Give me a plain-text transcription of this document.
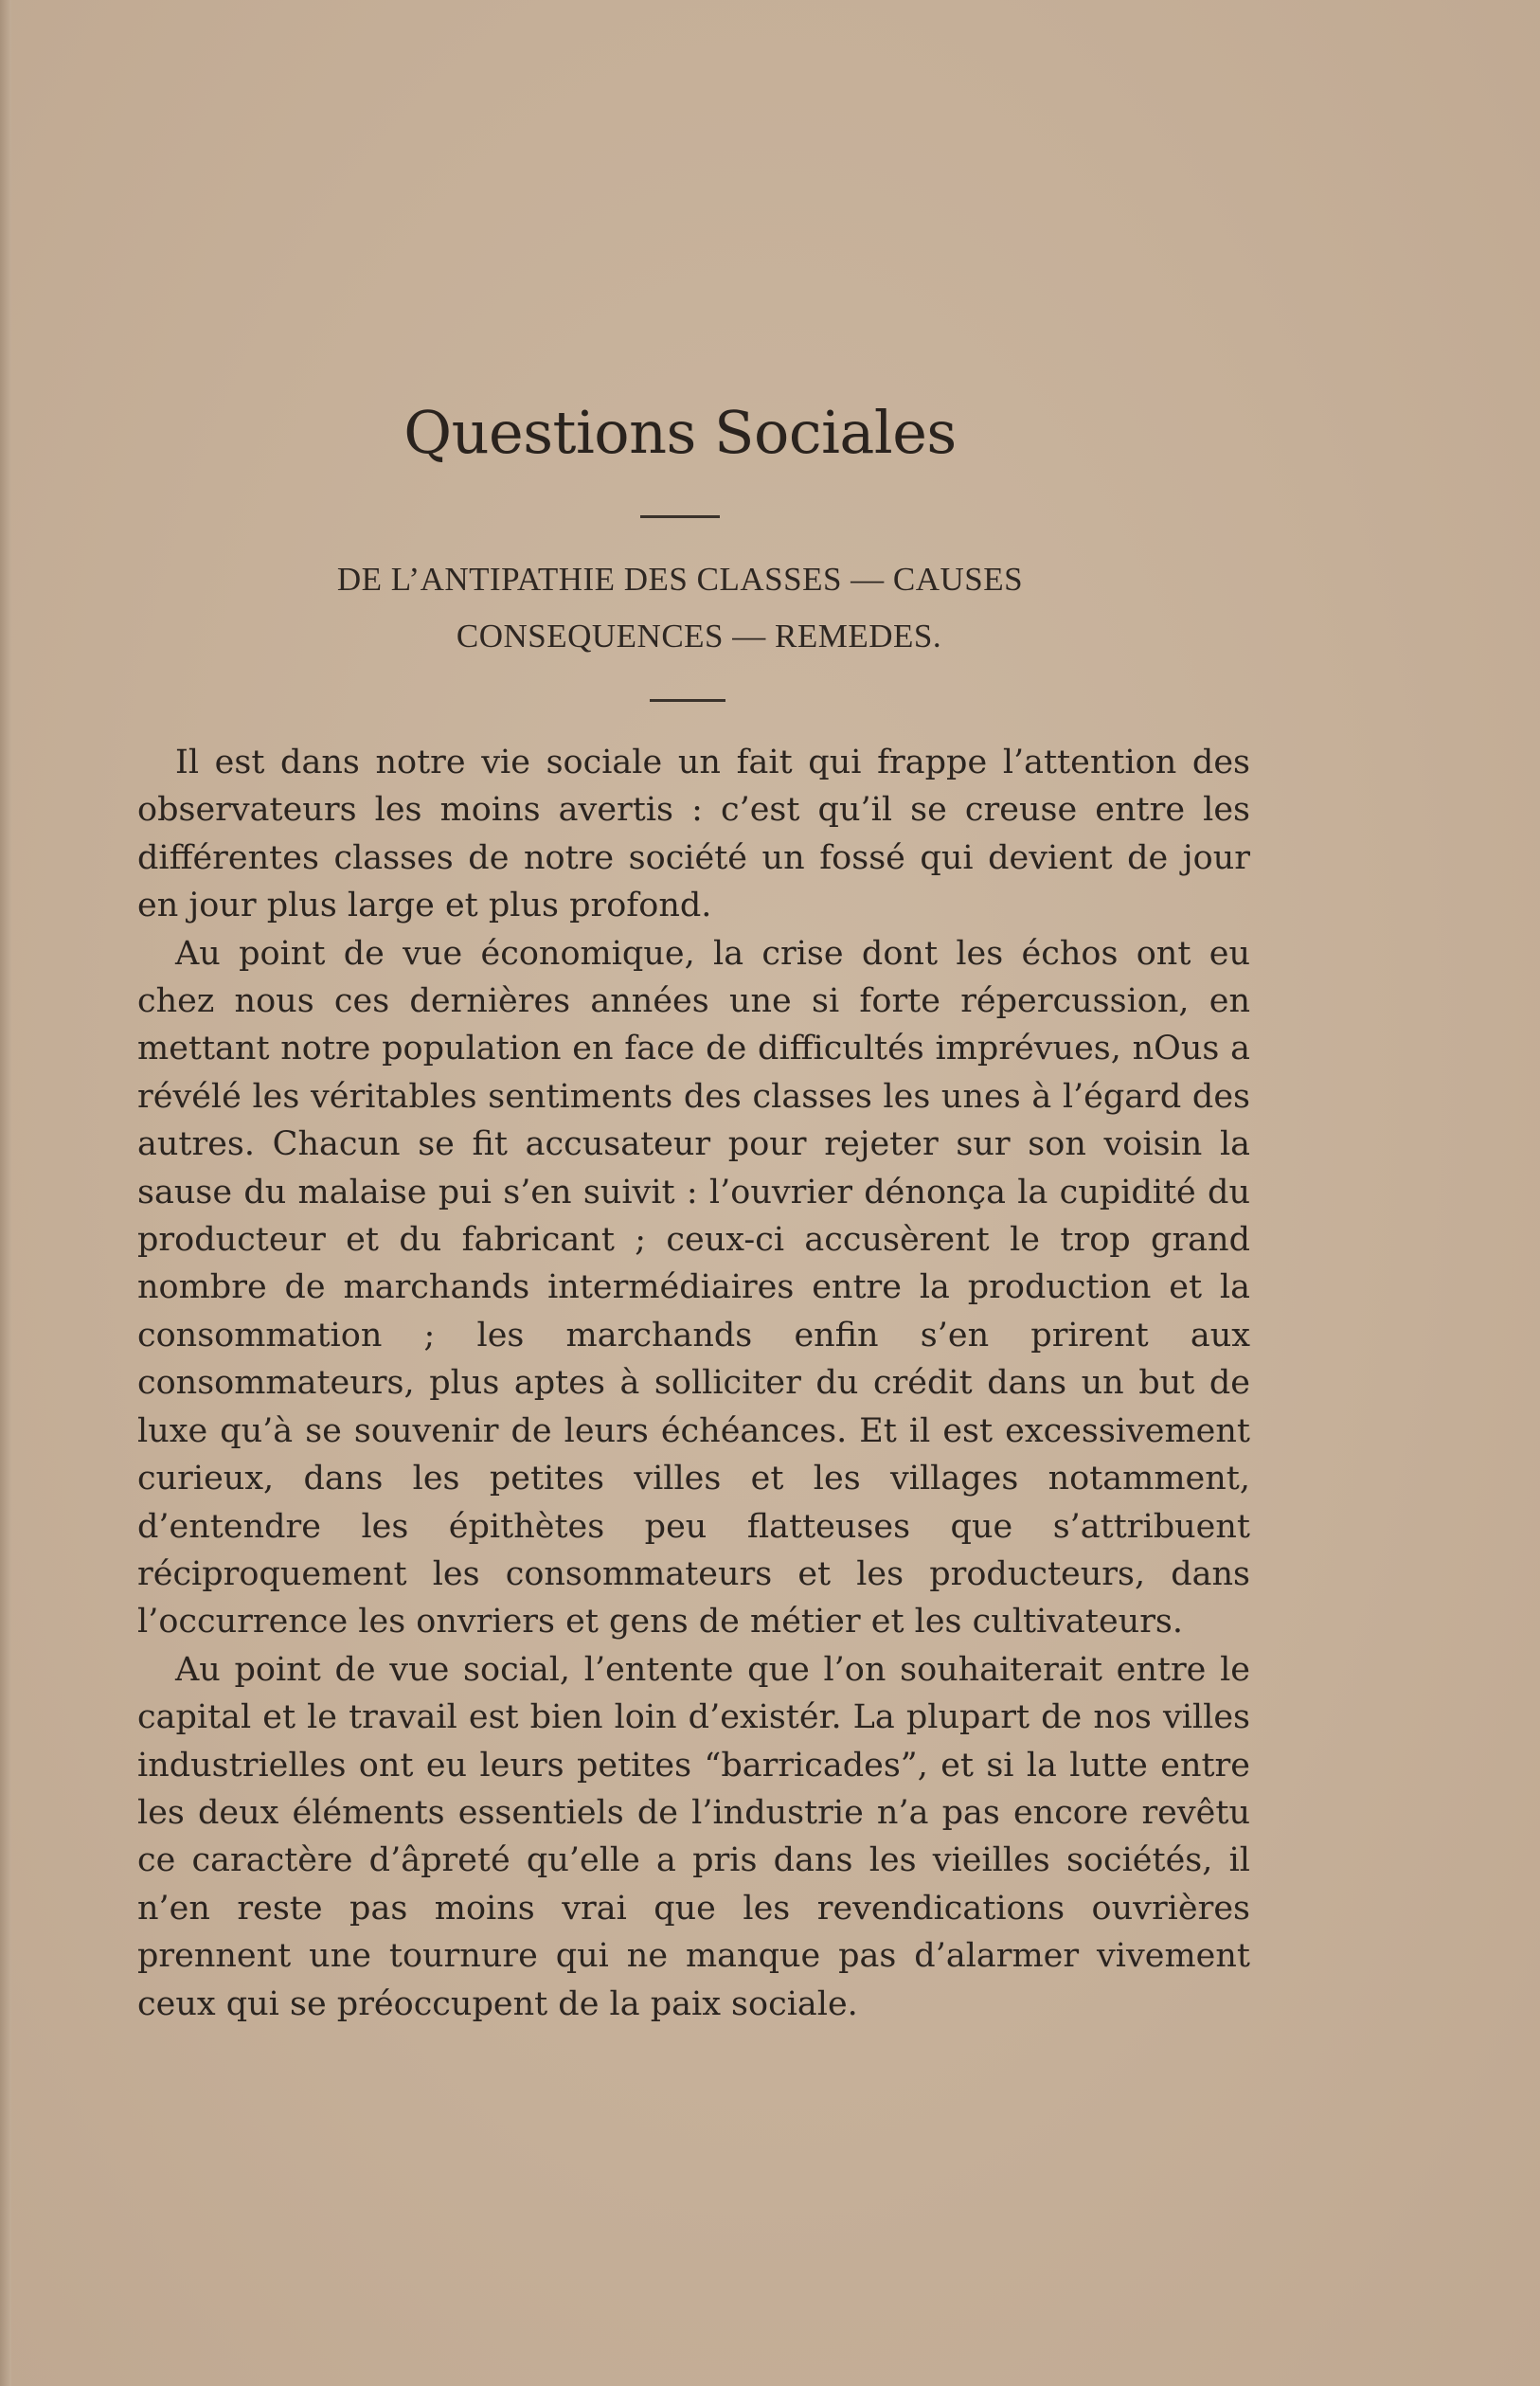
Questions Sociales
DE L’ANTIPATHIE DES CLASSES — CAUSES
CONSEQUENCES — REMEDES.

Il est dans notre vie sociale un fait qui frappe l’attention des observateurs les moins avertis : c’est qu’il se creuse entre les différentes classes de notre société un fossé qui devient de jour en jour plus large et plus profond.

Au point de vue économique, la crise dont les échos ont eu chez nous ces dernières années une si forte répercussion, en mettant notre population en face de difficultés imprévues, nOus a révélé les véritables sentiments des classes les unes à l’égard des autres. Chacun se fit accusateur pour rejeter sur son voisin la sause du malaise pui s’en suivit : l’ouvrier dénonça la cupidité du producteur et du fabricant ; ceux-ci accusèrent le trop grand nombre de marchands intermédiaires entre la production et la consommation ; les marchands enfin s’en prirent aux consommateurs, plus aptes à solliciter du crédit dans un but de luxe qu’à se souvenir de leurs échéances. Et il est excessivement curieux, dans les petites villes et les villages notamment, d’entendre les épithètes peu flatteuses que s’attribuent réciproquement les consommateurs et les producteurs, dans l’occurrence les onvriers et gens de métier et les cultivateurs.

Au point de vue social, l’entente que l’on souhaiterait entre le capital et le travail est bien loin d’existér. La plupart de nos villes industrielles ont eu leurs petites “barricades”, et si la lutte entre les deux éléments essentiels de l’industrie n’a pas encore revêtu ce caractère d’âpreté qu’elle a pris dans les vieilles sociétés, il n’en reste pas moins vrai que les revendications ouvrières prennent une tournure qui ne manque pas d’alarmer vivement ceux qui se préoccupent de la paix sociale.
